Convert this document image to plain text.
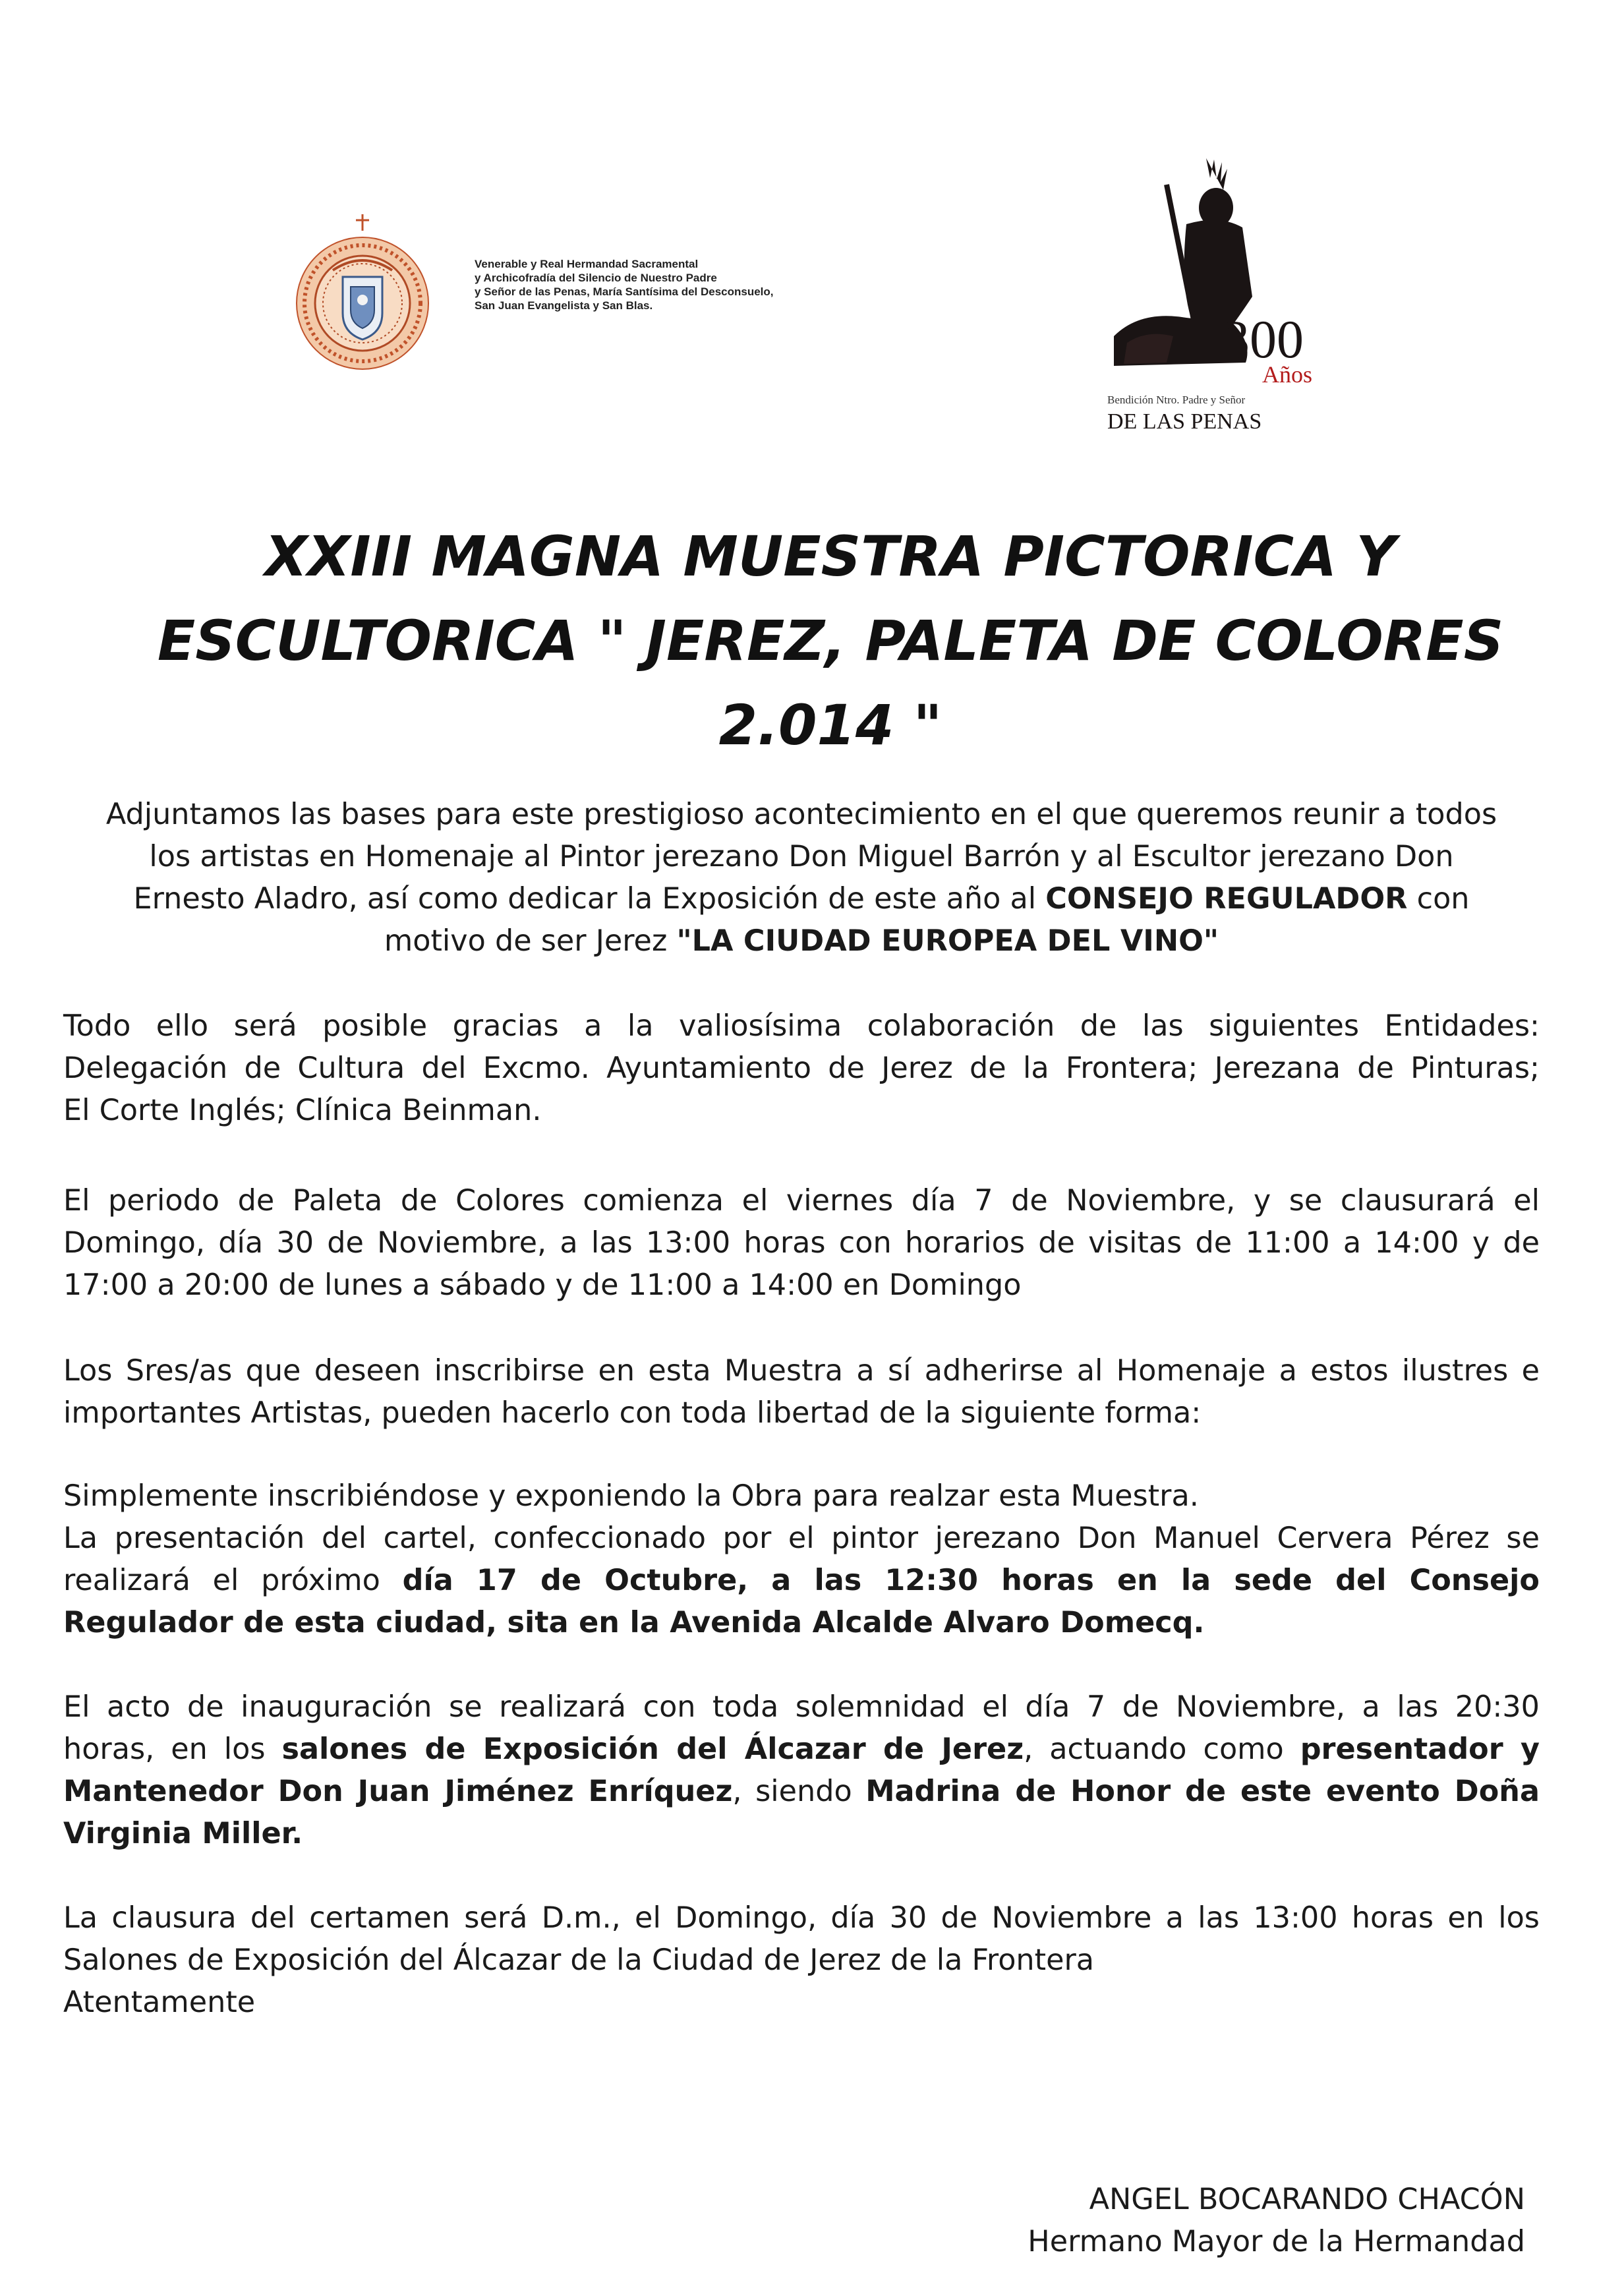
Venerable y Real Hermandad Sacramental
y Archicofradía del Silencio de Nuestro Padre
y Señor de las Penas, María Santísima del Desconsuelo,
San Juan Evangelista y San Blas.
300
Años
Bendición Ntro. Padre y Señor
DE LAS PENAS
XXIII MAGNA MUESTRA PICTORICA Y
ESCULTORICA " JEREZ, PALETA DE COLORES
2.014 "
Adjuntamos las bases para este prestigioso acontecimiento en el que queremos reunir a todos
los artistas en Homenaje al Pintor jerezano Don Miguel Barrón y al Escultor jerezano Don
Ernesto Aladro, así como dedicar la Exposición de este año al CONSEJO REGULADOR con
motivo de ser Jerez "LA CIUDAD EUROPEA DEL VINO"
Todo ello será posible gracias a la valiosísima colaboración de las siguientes Entidades:
Delegación de Cultura del Excmo. Ayuntamiento de Jerez de la Frontera; Jerezana de Pinturas;
El Corte Inglés; Clínica Beinman.
El periodo de Paleta de Colores comienza el viernes día 7 de Noviembre, y se clausurará el
Domingo, día 30 de Noviembre, a las 13:00 horas con horarios de visitas de 11:00 a 14:00 y de
17:00 a 20:00 de lunes a sábado y de 11:00 a 14:00 en Domingo
Los Sres/as que deseen inscribirse en esta Muestra a sí adherirse al Homenaje a estos ilustres e
importantes Artistas, pueden hacerlo con toda libertad de la siguiente forma:
Simplemente inscribiéndose y exponiendo la Obra para realzar esta Muestra.
La presentación del cartel, confeccionado por el pintor jerezano Don Manuel Cervera Pérez se
realizará el próximo día 17 de Octubre, a las 12:30 horas en la sede del Consejo
Regulador de esta ciudad, sita en la Avenida Alcalde Alvaro Domecq.
El acto de inauguración se realizará con toda solemnidad el día 7 de Noviembre, a las 20:30
horas, en los salones de Exposición del Álcazar de Jerez, actuando como presentador y
Mantenedor Don Juan Jiménez Enríquez, siendo Madrina de Honor de este evento Doña
Virginia Miller.
La clausura del certamen será D.m., el Domingo, día 30 de Noviembre a las 13:00 horas en los
Salones de Exposición del Álcazar de la Ciudad de Jerez de la Frontera
Atentamente
ANGEL BOCARANDO CHACÓN
Hermano Mayor de la Hermandad
